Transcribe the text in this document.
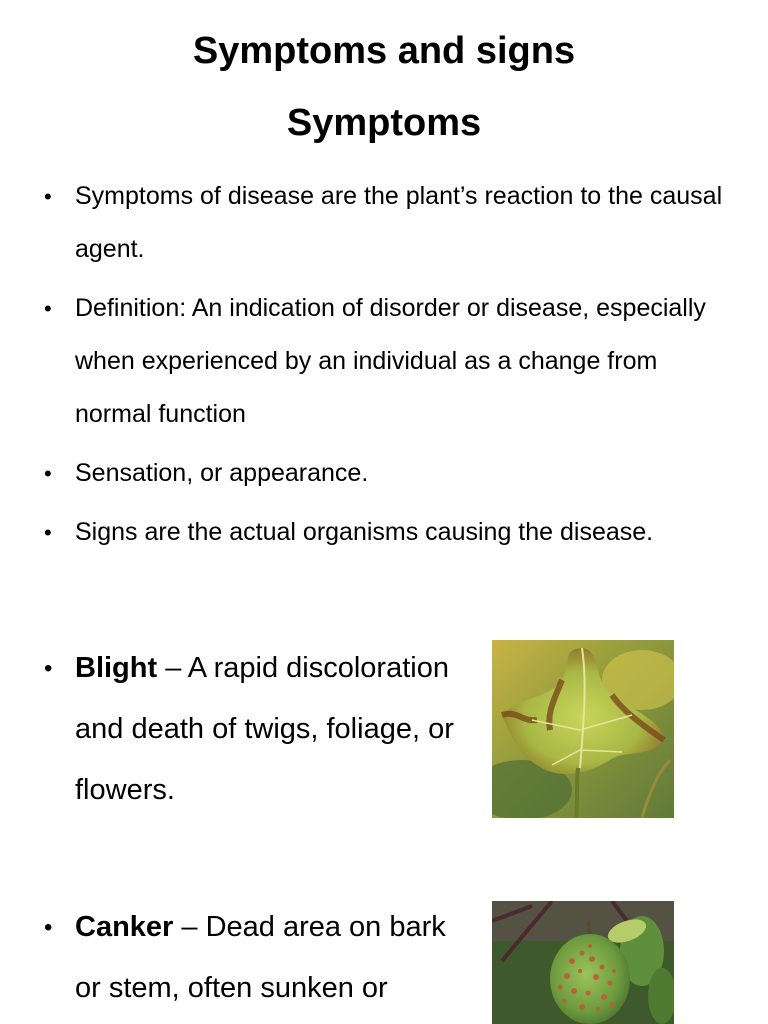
Symptoms and signs
Symptoms
• Symptoms of disease are the plant’s reaction to the causal agent.
• Definition: An indication of disorder or disease, especially when experienced by an individual as a change from normal function
• Sensation, or appearance.
• Signs are the actual organisms causing the disease.
• Blight – A rapid discoloration and death of twigs, foliage, or flowers.
• Canker – Dead area on bark or stem, often sunken or
